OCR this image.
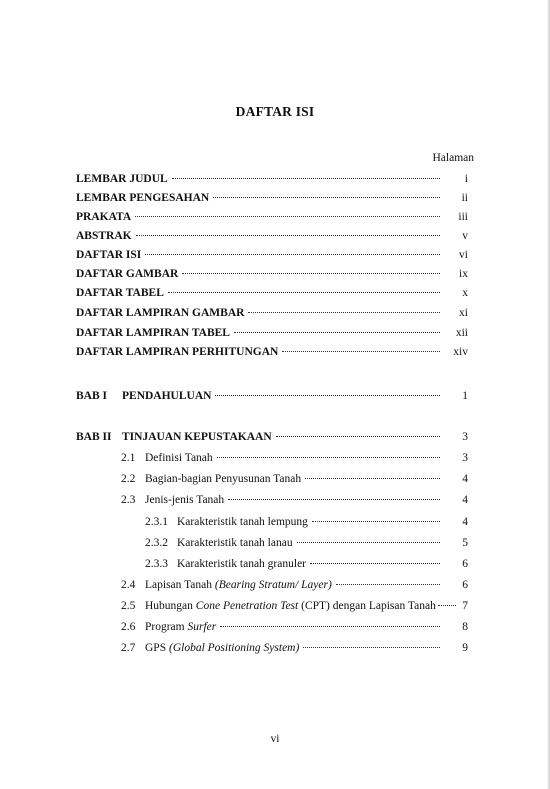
DAFTAR ISI
Halaman
LEMBAR JUDUL	i
LEMBAR PENGESAHAN	ii
PRAKATA	iii
ABSTRAK	v
DAFTAR ISI	vi
DAFTAR GAMBAR	ix
DAFTAR TABEL	x
DAFTAR LAMPIRAN GAMBAR	xi
DAFTAR LAMPIRAN TABEL	xii
DAFTAR LAMPIRAN PERHITUNGAN	xiv
BAB I	PENDAHULUAN	1
BAB II TINJAUAN KEPUSTAKAAN	3
2.1 Definisi Tanah	3
2.2 Bagian-bagian Penyusunan Tanah	4
2.3 Jenis-jenis Tanah	4
2.3.1 Karakteristik tanah lempung	4
2.3.2 Karakteristik tanah lanau	5
2.3.3 Karakteristik tanah granuler	6
2.4 Lapisan Tanah (Bearing Stratum/ Layer)	6
2.5 Hubungan Cone Penetration Test (CPT) dengan Lapisan Tanah	7
2.6 Program Surfer	8
2.7 GPS (Global Positioning System)	9
vi
